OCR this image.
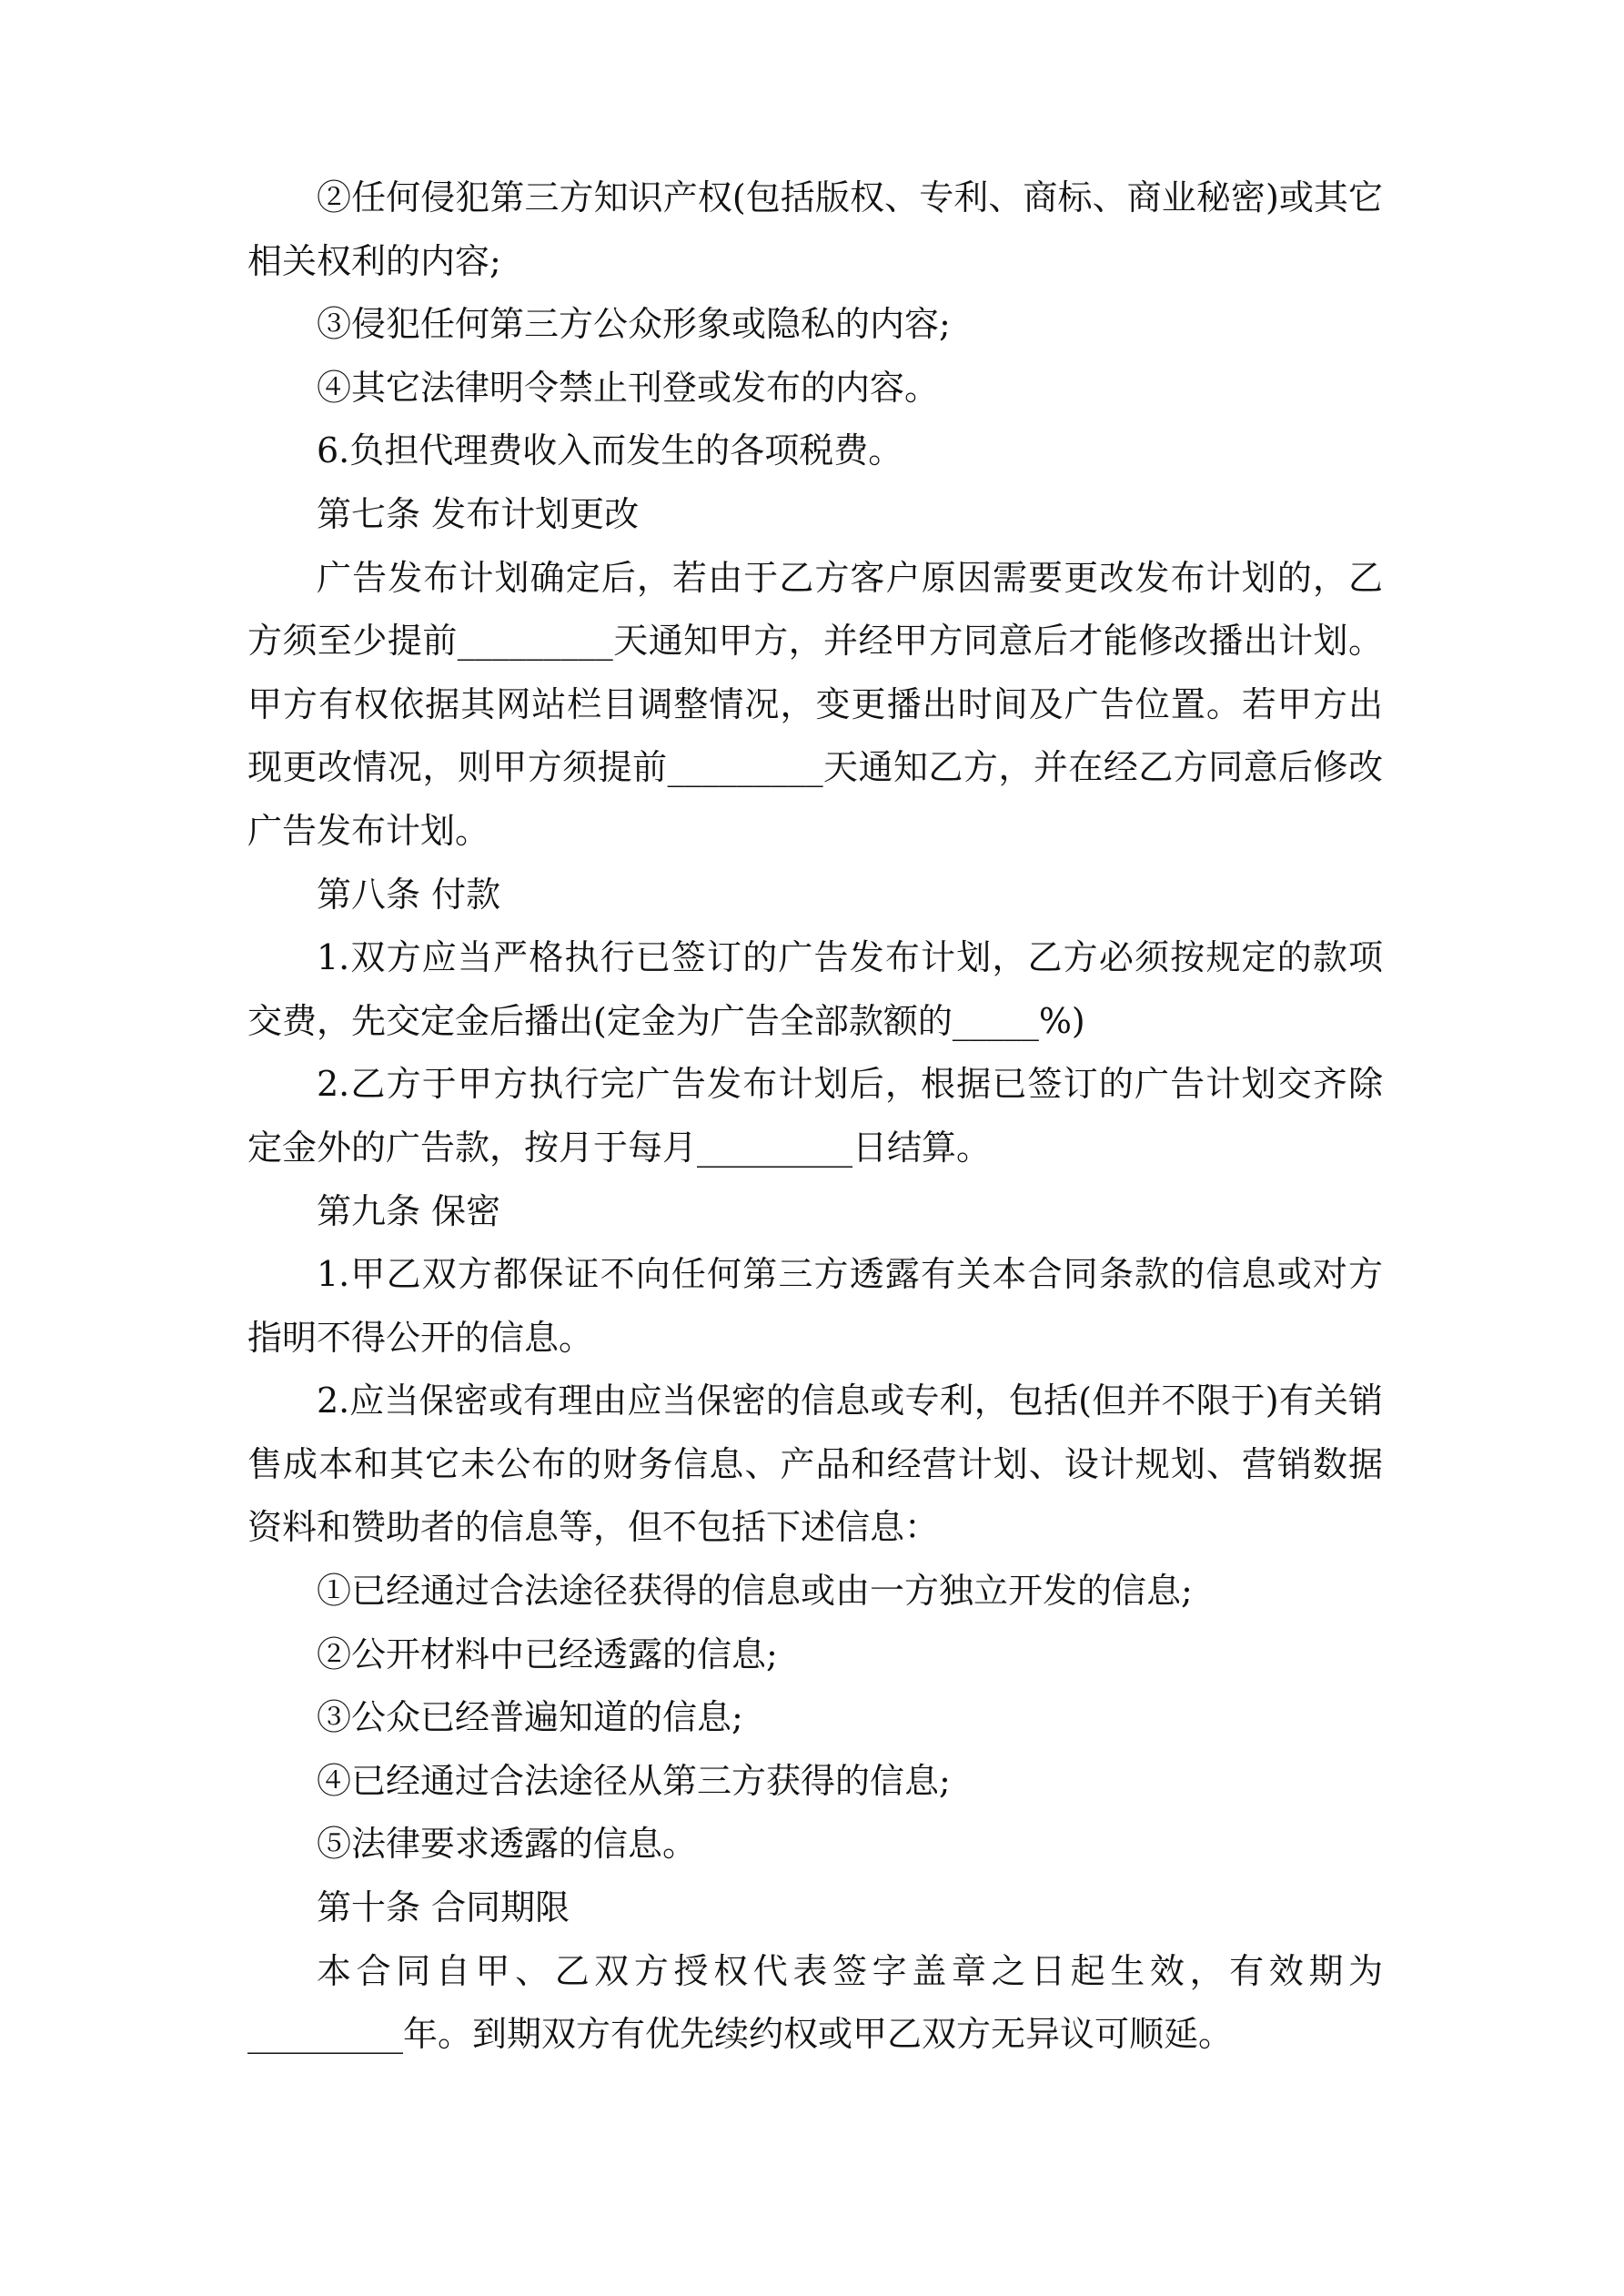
②任何侵犯第三方知识产权(包括版权、专利、商标、商业秘密)或其它相关权利的内容;

③侵犯任何第三方公众形象或隐私的内容;

④其它法律明令禁止刊登或发布的内容。

6.负担代理费收入而发生的各项税费。

第七条 发布计划更改

广告发布计划确定后，若由于乙方客户原因需要更改发布计划的，乙方须至少提前_________天通知甲方，并经甲方同意后才能修改播出计划。甲方有权依据其网站栏目调整情况，变更播出时间及广告位置。若甲方出现更改情况，则甲方须提前_________天通知乙方，并在经乙方同意后修改广告发布计划。

第八条 付款

1.双方应当严格执行已签订的广告发布计划，乙方必须按规定的款项交费，先交定金后播出(定金为广告全部款额的_____%)

2.乙方于甲方执行完广告发布计划后，根据已签订的广告计划交齐除定金外的广告款，按月于每月_________日结算。

第九条 保密

1.甲乙双方都保证不向任何第三方透露有关本合同条款的信息或对方指明不得公开的信息。

2.应当保密或有理由应当保密的信息或专利，包括(但并不限于)有关销售成本和其它未公布的财务信息、产品和经营计划、设计规划、营销数据资料和赞助者的信息等，但不包括下述信息：

①已经通过合法途径获得的信息或由一方独立开发的信息;

②公开材料中已经透露的信息;

③公众已经普遍知道的信息;

④已经通过合法途径从第三方获得的信息;

⑤法律要求透露的信息。

第十条 合同期限

本合同自甲、乙双方授权代表签字盖章之日起生效，有效期为_________年。到期双方有优先续约权或甲乙双方无异议可顺延。
